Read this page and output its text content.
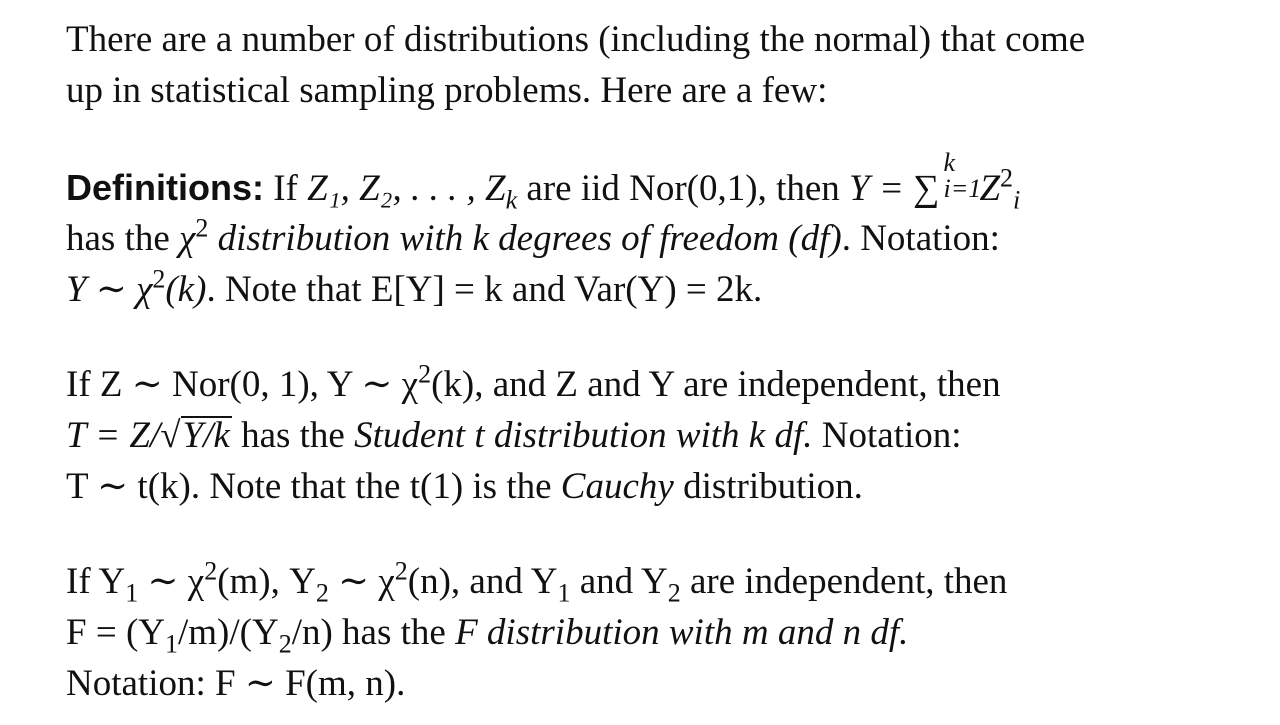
There are a number of distributions (including the normal) that come
up in statistical sampling problems. Here are a few:
Definitions: If Z₁, Z₂, . . . , $Z_k$ are iid Nor(0,1), then Y = ∑
k
i=1
$Z^2_i$
has the $\chi^2$ distribution with k degrees of freedom (df). Notation:
Y ∼ $\chi^2(k)$. Note that E[Y] = k and Var(Y) = 2k.
If Z ∼ Nor(0, 1), Y ∼ $\chi^2(k)$, and Z and Y are independent, then
T = Z/√Y/k has the Student t distribution with k df. Notation:
T ∼ t(k). Note that the t(1) is the Cauchy distribution.
If $Y_1$ ∼ $\chi^2(m)$, $Y_2$ ∼ $\chi^2(n)$, and $Y_1$ and $Y_2$ are independent, then
$F = (Y_1/m)/(Y_2/n)$ has the F distribution with m and n df.
Notation: F ∼ F(m, n).
